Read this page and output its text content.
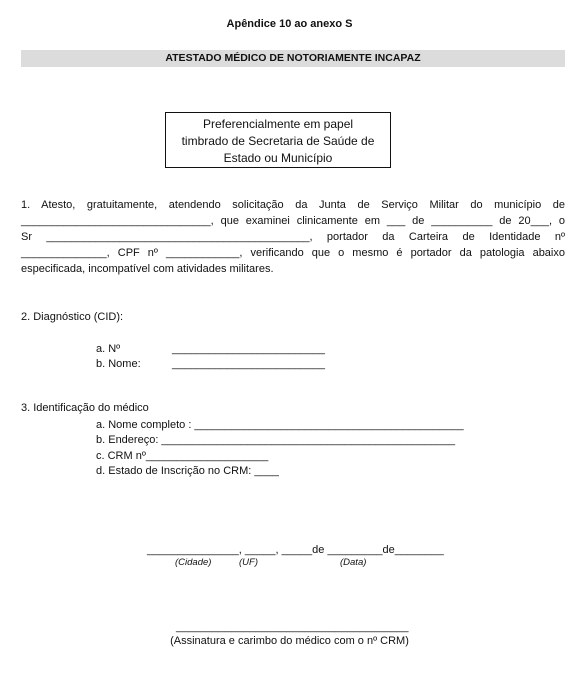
Apêndice 10 ao anexo S
ATESTADO MÉDICO DE NOTORIAMENTE INCAPAZ
Preferencialmente em papel
timbrado de Secretaria de Saúde de
Estado ou Município
1. Atesto, gratuitamente, atendendo solicitação da Junta de Serviço Militar do município de
_______________________________, que examinei clinicamente em ___ de __________ de 20___, o
Sr ___________________________________________, portador da Carteira de Identidade nº
______________, CPF nº ____________, verificando que o mesmo é portador da patologia abaixo
especificada, incompatível com atividades militares.
2. Diagnóstico (CID):
a. Nº	_________________________
b. Nome:	_________________________
3. Identificação do médico
a. Nome completo : ____________________________________________
b. Endereço: ________________________________________________
c. CRM nº____________________
d. Estado de Inscrição no CRM: ____
_______________, _____, _____de _________de________
(Cidade)	(UF)	(Data)
______________________________________
(Assinatura e carimbo do médico com o nº CRM)
